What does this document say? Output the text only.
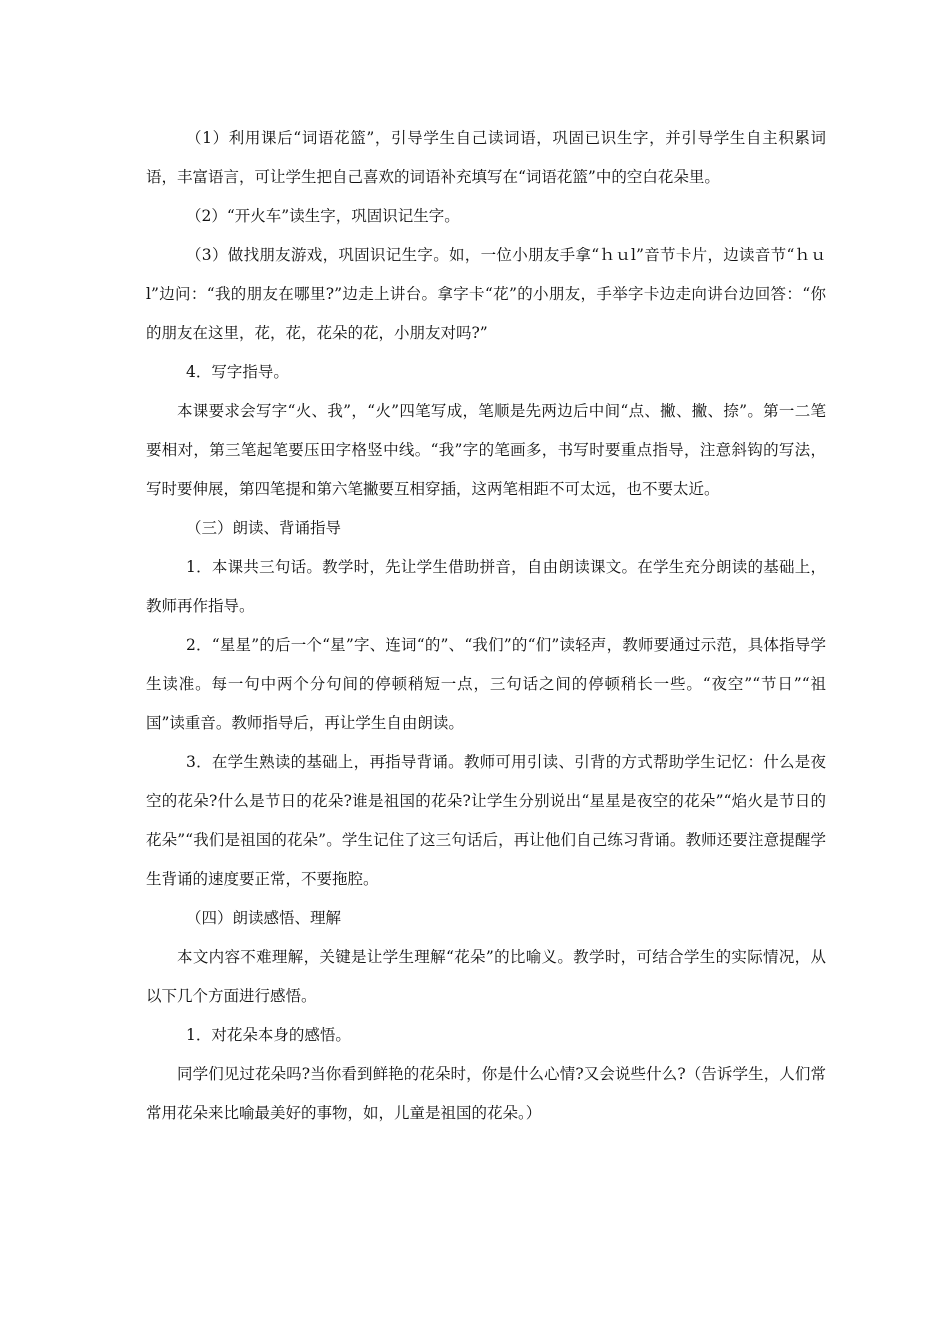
（1）利用课后“词语花篮”，引导学生自己读词语，巩固已识生字，并引导学生自主积累词语，丰富语言，可让学生把自己喜欢的词语补充填写在“词语花篮”中的空白花朵里。

（2）“开火车”读生字，巩固识记生字。

（3）做找朋友游戏，巩固识记生字。如，一位小朋友手拿“ｈｕl”音节卡片，边读音节“ｈｕl”边问：“我的朋友在哪里?”边走上讲台。拿字卡“花”的小朋友，手举字卡边走向讲台边回答：“你的朋友在这里，花，花，花朵的花，小朋友对吗?”

4．写字指导。

本课要求会写字“火、我”，“火”四笔写成，笔顺是先两边后中间“点、撇、撇、捺”。第一二笔要相对，第三笔起笔要压田字格竖中线。“我”字的笔画多，书写时要重点指导，注意斜钩的写法，写时要伸展，第四笔提和第六笔撇要互相穿插，这两笔相距不可太远，也不要太近。

（三）朗读、背诵指导

1．本课共三句话。教学时，先让学生借助拼音，自由朗读课文。在学生充分朗读的基础上，教师再作指导。

2．“星星”的后一个“星”字、连词“的”、“我们”的“们”读轻声，教师要通过示范，具体指导学生读准。每一句中两个分句间的停顿稍短一点，三句话之间的停顿稍长一些。“夜空”“节日”“祖国”读重音。教师指导后，再让学生自由朗读。

3．在学生熟读的基础上，再指导背诵。教师可用引读、引背的方式帮助学生记忆：什么是夜空的花朵?什么是节日的花朵?谁是祖国的花朵?让学生分别说出“星星是夜空的花朵”“焰火是节日的花朵”“我们是祖国的花朵”。学生记住了这三句话后，再让他们自己练习背诵。教师还要注意提醒学生背诵的速度要正常，不要拖腔。

（四）朗读感悟、理解

本文内容不难理解，关键是让学生理解“花朵”的比喻义。教学时，可结合学生的实际情况，从以下几个方面进行感悟。

1．对花朵本身的感悟。

同学们见过花朵吗?当你看到鲜艳的花朵时，你是什么心情?又会说些什么?（告诉学生，人们常常用花朵来比喻最美好的事物，如，儿童是祖国的花朵。）
